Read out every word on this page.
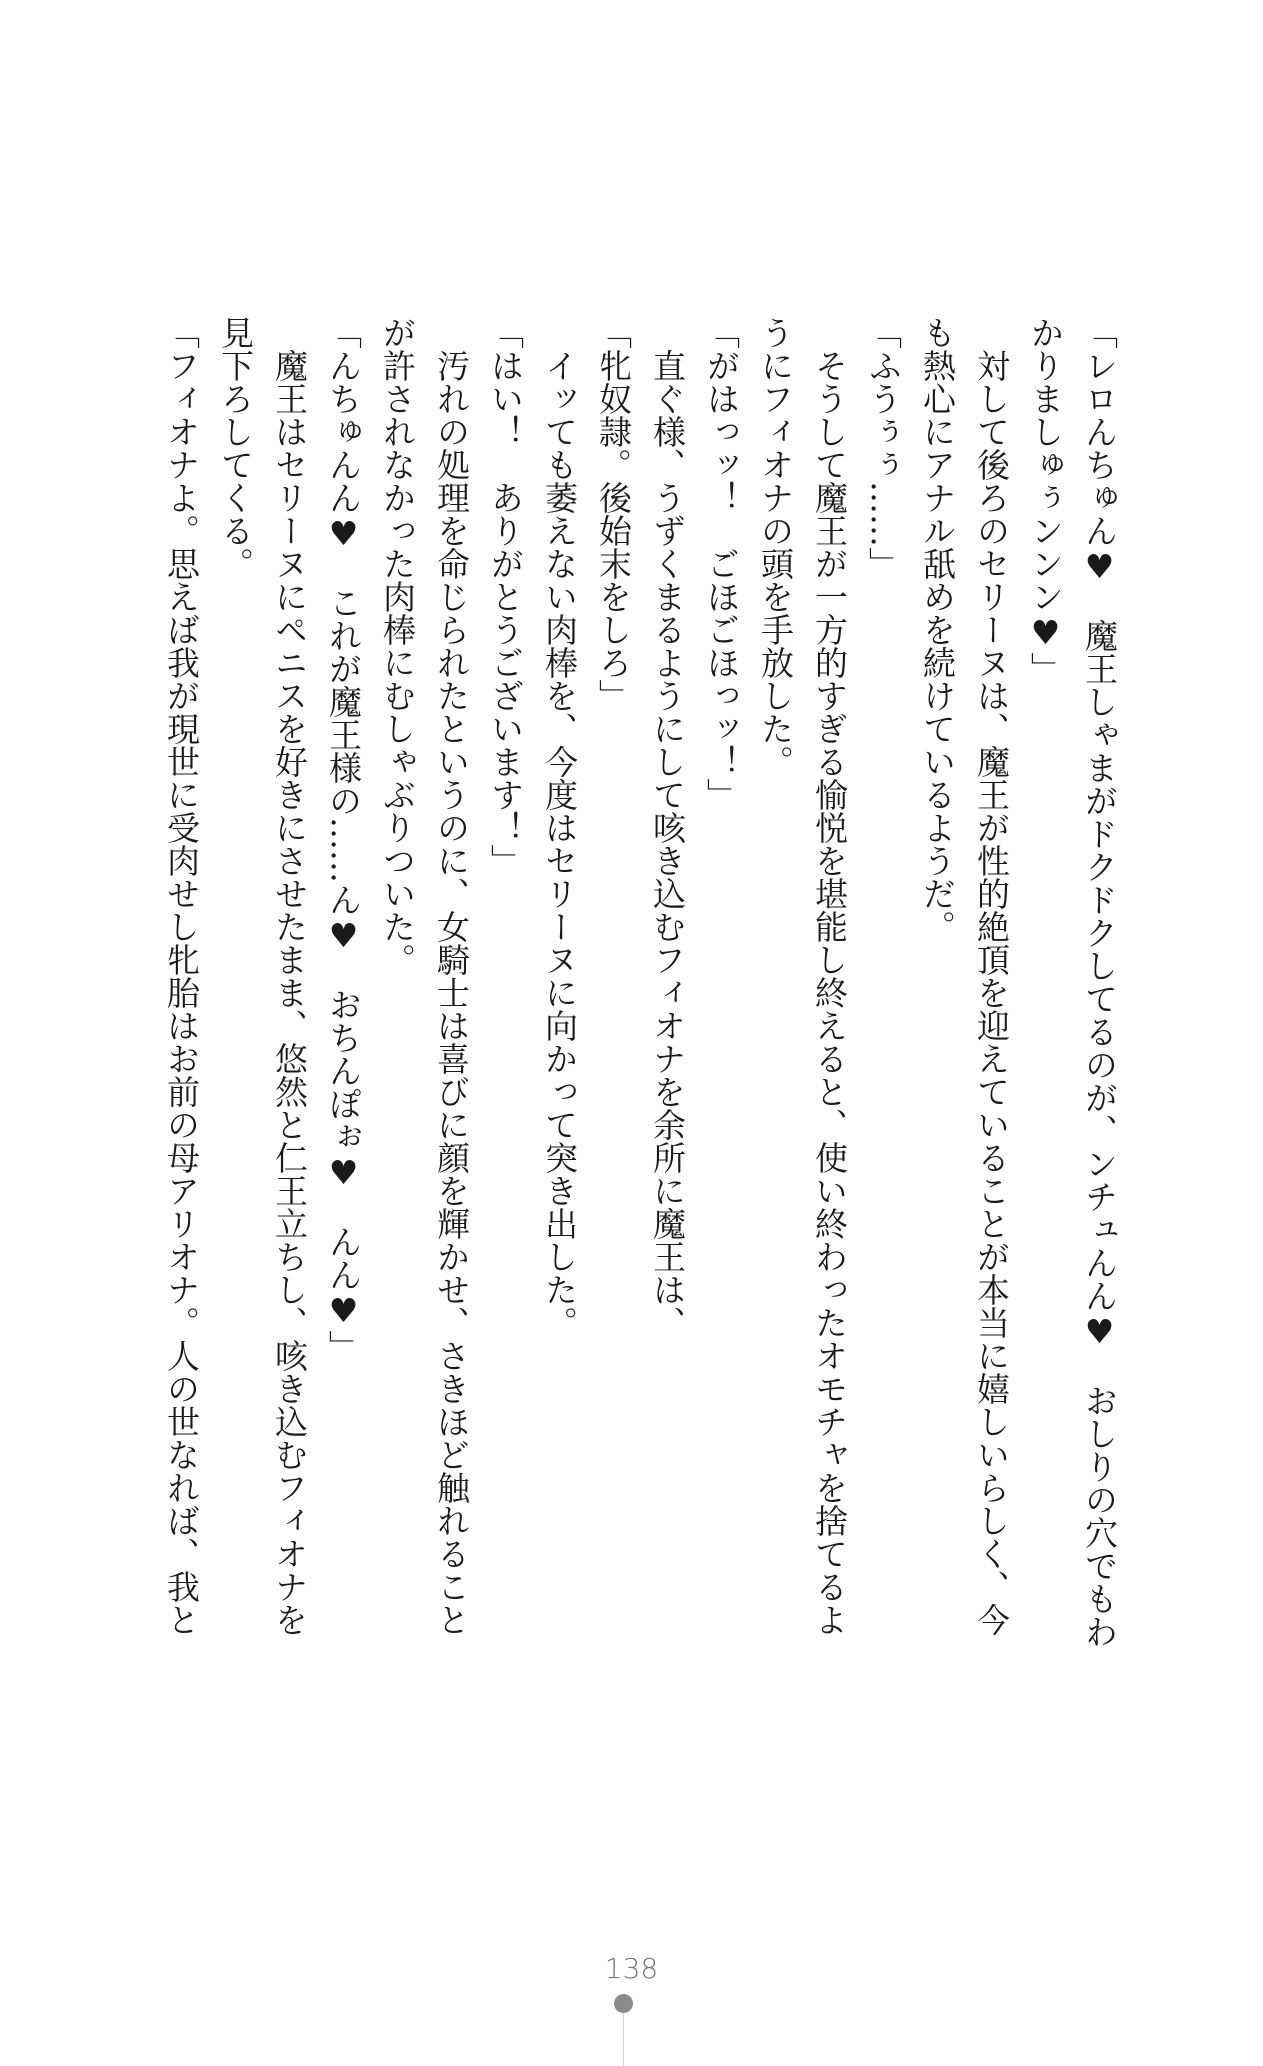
「レロんちゅん♥　魔王しゃまがドクドクしてるのが、ンチュんん♥　おしりの穴でもわ
かりましゅぅンンン♥」
　対して後ろのセリーヌは、魔王が性的絶頂を迎えていることが本当に嬉しいらしく、今
も熱心にアナル舐めを続けているようだ。
「ふうぅぅ……」
　そうして魔王が一方的すぎる愉悦を堪能し終えると、使い終わったオモチャを捨てるよ
うにフィオナの頭を手放した。
「がはっッ！　ごほごほっッ！」
　直ぐ様、うずくまるようにして咳き込むフィオナを余所に魔王は、
「牝奴隷。後始末をしろ」
　イッても萎えない肉棒を、今度はセリーヌに向かって突き出した。
「はい！　ありがとうございます！」
　汚れの処理を命じられたというのに、女騎士は喜びに顔を輝かせ、さきほど触れること
が許されなかった肉棒にむしゃぶりついた。
「んちゅんん♥　これが魔王様の……ん♥　おちんぽぉ♥　んん♥」
　魔王はセリーヌにペニスを好きにさせたまま、悠然と仁王立ちし、咳き込むフィオナを
見下ろしてくる。
「フィオナよ。思えば我が現世に受肉せし牝胎はお前の母アリオナ。人の世なれば、我と
138
